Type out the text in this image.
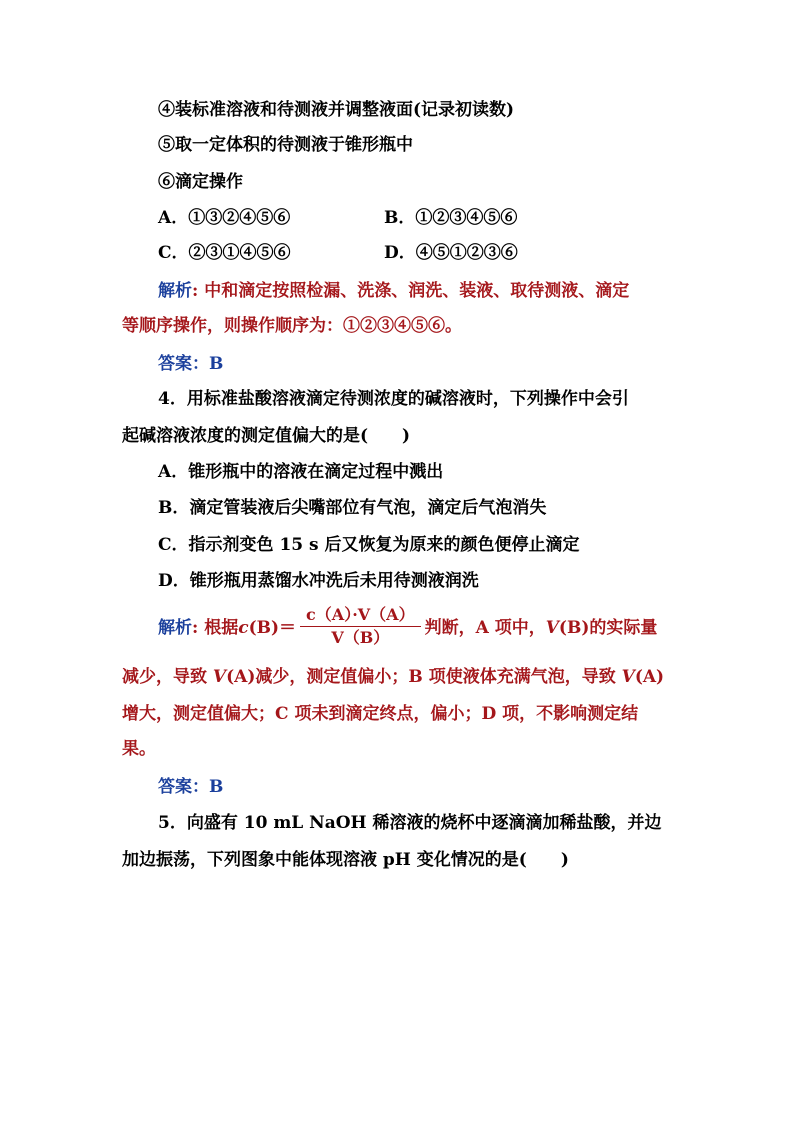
④装标准溶液和待测液并调整液面(记录初读数)
⑤取一定体积的待测液于锥形瓶中
⑥滴定操作
A．①③②④⑤⑥	B．①②③④⑤⑥
C．②③①④⑤⑥	D．④⑤①②③⑥
解析: 中和滴定按照检漏、洗涤、润洗、装液、取待测液、滴定
等顺序操作，则操作顺序为：①②③④⑤⑥。
答案：B
4．用标准盐酸溶液滴定待测浓度的碱溶液时，下列操作中会引
起碱溶液浓度的测定值偏大的是(　　)
A．锥形瓶中的溶液在滴定过程中溅出
B．滴定管装液后尖嘴部位有气泡，滴定后气泡消失
C．指示剂变色 15 s 后又恢复为原来的颜色便停止滴定
D．锥形瓶用蒸馏水冲洗后未用待测液润洗
解析: 根据$c(B)= \frac{c(A)\cdot V(A)}{V(B)}$ 判断，A 项中，V(B)的实际量
减少，导致 V(A)减少，测定值偏小；B 项使液体充满气泡，导致 V(A)
增大，测定值偏大；C 项未到滴定终点，偏小；D 项，不影响测定结
果。
答案：B
5．向盛有 10 mL NaOH 稀溶液的烧杯中逐滴滴加稀盐酸，并边
加边振荡，下列图象中能体现溶液 pH 变化情况的是(　　)
